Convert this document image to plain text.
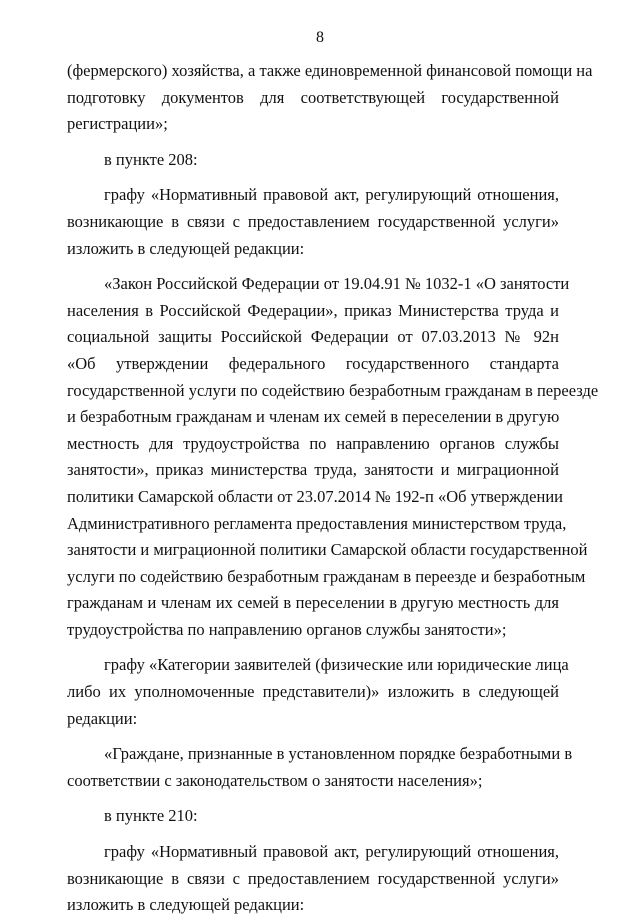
8
(фермерского) хозяйства, а также единовременной финансовой помощи на
подготовку документов для соответствующей государственной
регистрации»;
в пункте 208:
графу «Нормативный правовой акт, регулирующий отношения,
возникающие в связи с предоставлением государственной услуги»
изложить в следующей редакции:
«Закон Российской Федерации от 19.04.91 № 1032-1 «О занятости
населения в Российской Федерации», приказ Министерства труда и
социальной защиты Российской Федерации от 07.03.2013 № 92н
«Об утверждении федерального государственного стандарта
государственной услуги по содействию безработным гражданам в переезде
и безработным гражданам и членам их семей в переселении в другую
местность для трудоустройства по направлению органов службы
занятости», приказ министерства труда, занятости и миграционной
политики Самарской области от 23.07.2014 № 192-п «Об утверждении
Административного регламента предоставления министерством труда,
занятости и миграционной политики Самарской области государственной
услуги по содействию безработным гражданам в переезде и безработным
гражданам и членам их семей в переселении в другую местность для
трудоустройства по направлению органов службы занятости»;
графу «Категории заявителей (физические или юридические лица
либо их уполномоченные представители)» изложить в следующей
редакции:
«Граждане, признанные в установленном порядке безработными в
соответствии с законодательством о занятости населения»;
в пункте 210:
графу «Нормативный правовой акт, регулирующий отношения,
возникающие в связи с предоставлением государственной услуги»
изложить в следующей редакции:
